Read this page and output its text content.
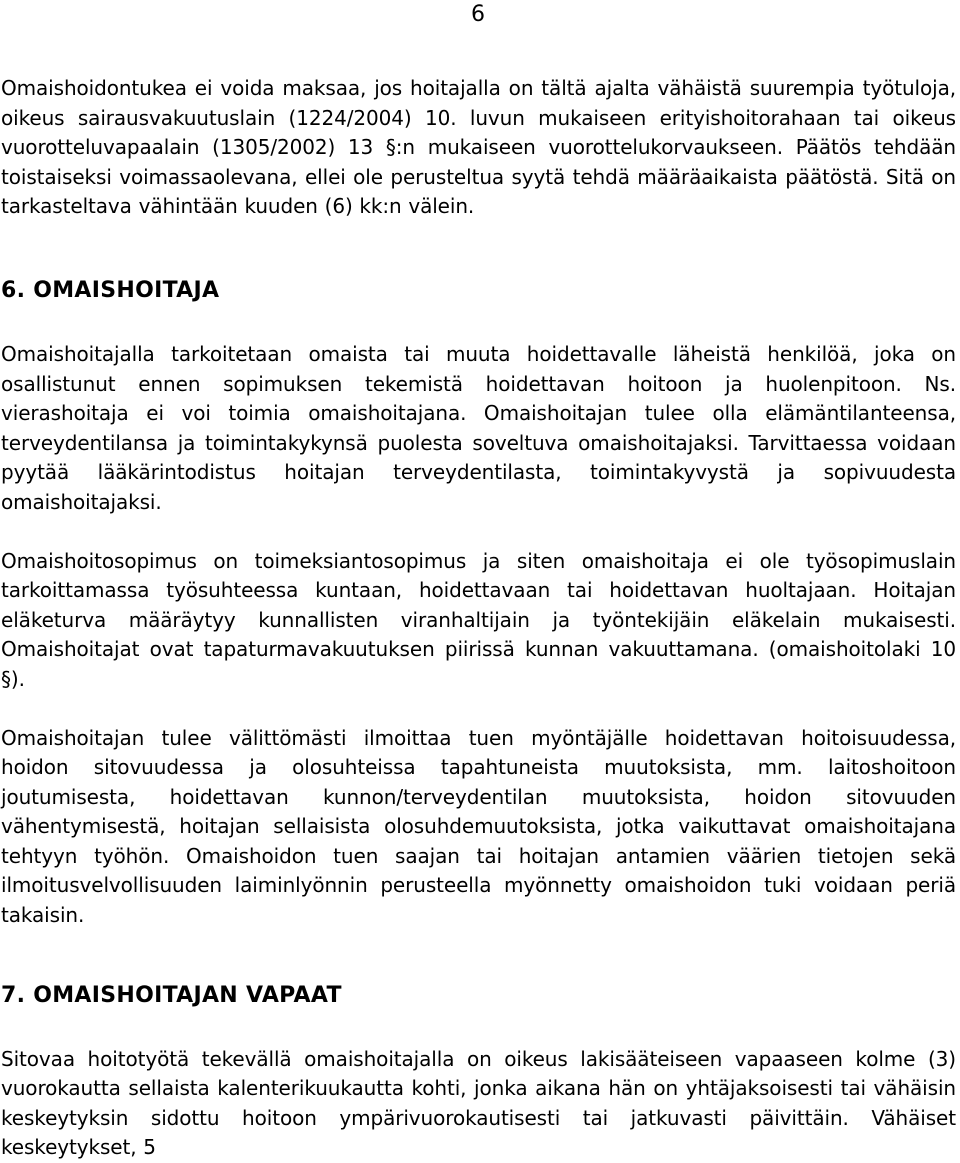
6

Omaishoidontukea ei voida maksaa, jos hoitajalla on tältä ajalta vähäistä suurempia työtuloja, oikeus sairausvakuutuslain (1224/2004) 10. luvun mukaiseen erityishoitorahaan tai oikeus vuorotteluvapaalain (1305/2002) 13 §:n mukaiseen vuorottelukorvaukseen. Päätös tehdään toistaiseksi voimassaolevana, ellei ole perusteltua syytä tehdä määräaikaista päätöstä. Sitä on tarkasteltava vähintään kuuden (6) kk:n välein.

6. OMAISHOITAJA

Omaishoitajalla tarkoitetaan omaista tai muuta hoidettavalle läheistä henkilöä, joka on osallistunut ennen sopimuksen tekemistä hoidettavan hoitoon ja huolenpitoon. Ns. vierashoitaja ei voi toimia omaishoitajana. Omaishoitajan tulee olla elämäntilanteensa, terveydentilansa ja toimintakykynsä puolesta soveltuva omaishoitajaksi. Tarvittaessa voidaan pyytää lääkärintodistus hoitajan terveydentilasta, toimintakyvystä ja sopivuudesta omaishoitajaksi.

Omaishoitosopimus on toimeksiantosopimus ja siten omaishoitaja ei ole työsopimuslain tarkoittamassa työsuhteessa kuntaan, hoidettavaan tai hoidettavan huoltajaan. Hoitajan eläketurva määräytyy kunnallisten viranhaltijain ja työntekijäin eläkelain mukaisesti. Omaishoitajat ovat tapaturmavakuutuksen piirissä kunnan vakuuttamana. (omaishoitolaki 10 §).

Omaishoitajan tulee välittömästi ilmoittaa tuen myöntäjälle hoidettavan hoitoisuudessa, hoidon sitovuudessa ja olosuhteissa tapahtuneista muutoksista, mm. laitoshoitoon joutumisesta, hoidettavan kunnon/terveydentilan muutoksista, hoidon sitovuuden vähentymisestä, hoitajan sellaisista olosuhdemuutoksista, jotka vaikuttavat omaishoitajana tehtyyn työhön. Omaishoidon tuen saajan tai hoitajan antamien väärien tietojen sekä ilmoitusvelvollisuuden laiminlyönnin perusteella myönnetty omaishoidon tuki voidaan periä takaisin.

7. OMAISHOITAJAN VAPAAT

Sitovaa hoitotyötä tekevällä omaishoitajalla on oikeus lakisääteiseen vapaaseen kolme (3) vuorokautta sellaista kalenterikuukautta kohti, jonka aikana hän on yhtäjaksoisesti tai vähäisin keskeytyksin sidottu hoitoon ympärivuorokautisesti tai jatkuvasti päivittäin. Vähäiset keskeytykset, 5
